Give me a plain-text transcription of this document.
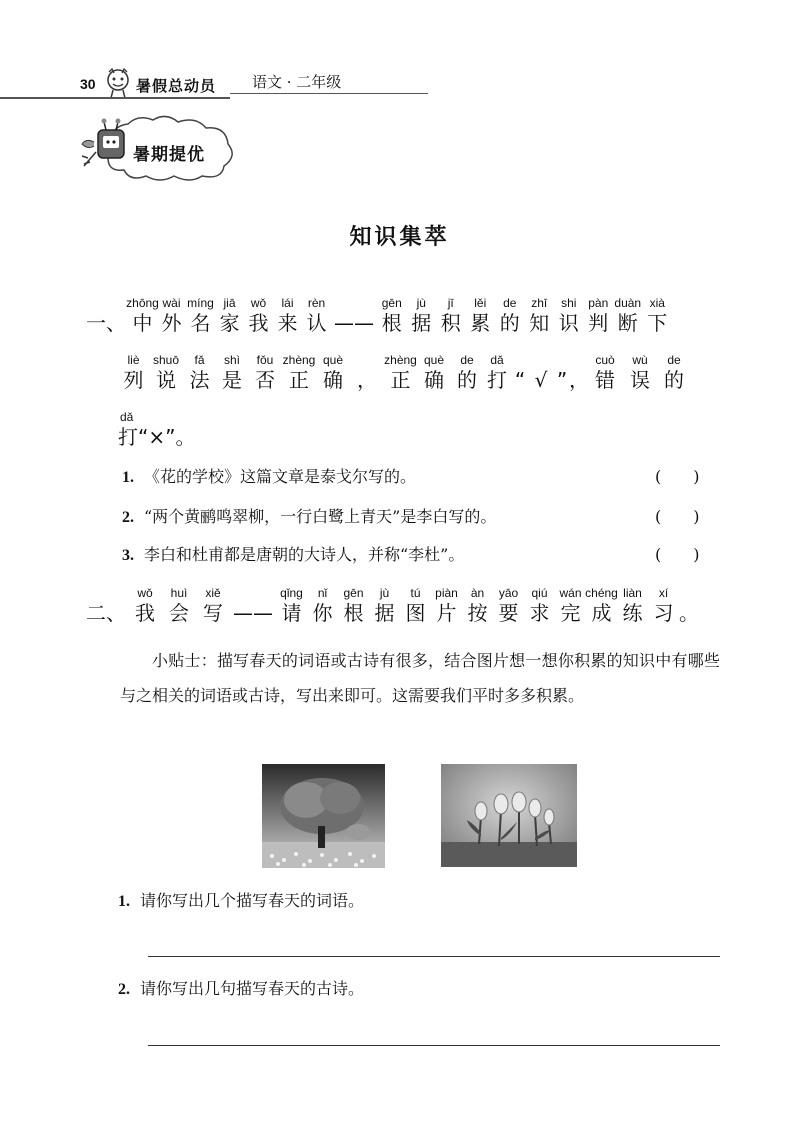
30	暑假总动员 语文 · 二年级
暑期提优
知识集萃
一、
zhōng
中
wài
外
míng
名
jiā
家
wǒ
我
lái
来
rèn
认 ——
gēn
根
jù
据
jī
积
lěi
累
de
的
zhī
知
shi
识
pàn
判
duàn
断
xià
下
liè
列
shuō
说
fǎ
法
shì
是
fǒu
否
zhèng
正
què
确 ，
zhèng
正
què
确
de
的
dǎ
打 “ √ ” ，
cuò
错
wù
误
de
的
dǎ
打“×”。
1. 《花的学校》这篇文章是泰戈尔写的。	(　　)
2. “两个黄鹂鸣翠柳，一行白鹭上青天”是李白写的。	(　　)
3. 李白和杜甫都是唐朝的大诗人，并称“李杜”。	(　　)
二、
wǒ
我
huì
会
xiě
写 ——
qǐng
请
nǐ
你
gēn
根
jù
据
tú
图
piàn
片
àn
按
yāo
要
qiú
求
wán
完
chéng
成
liàn
练
xí
习 。
小贴士：描写春天的词语或古诗有很多，结合图片想一想你积累的知识中有哪些与之相关的词语或古诗，写出来即可。这需要我们平时多多积累。
1. 请你写出几个描写春天的词语。
2. 请你写出几句描写春天的古诗。
